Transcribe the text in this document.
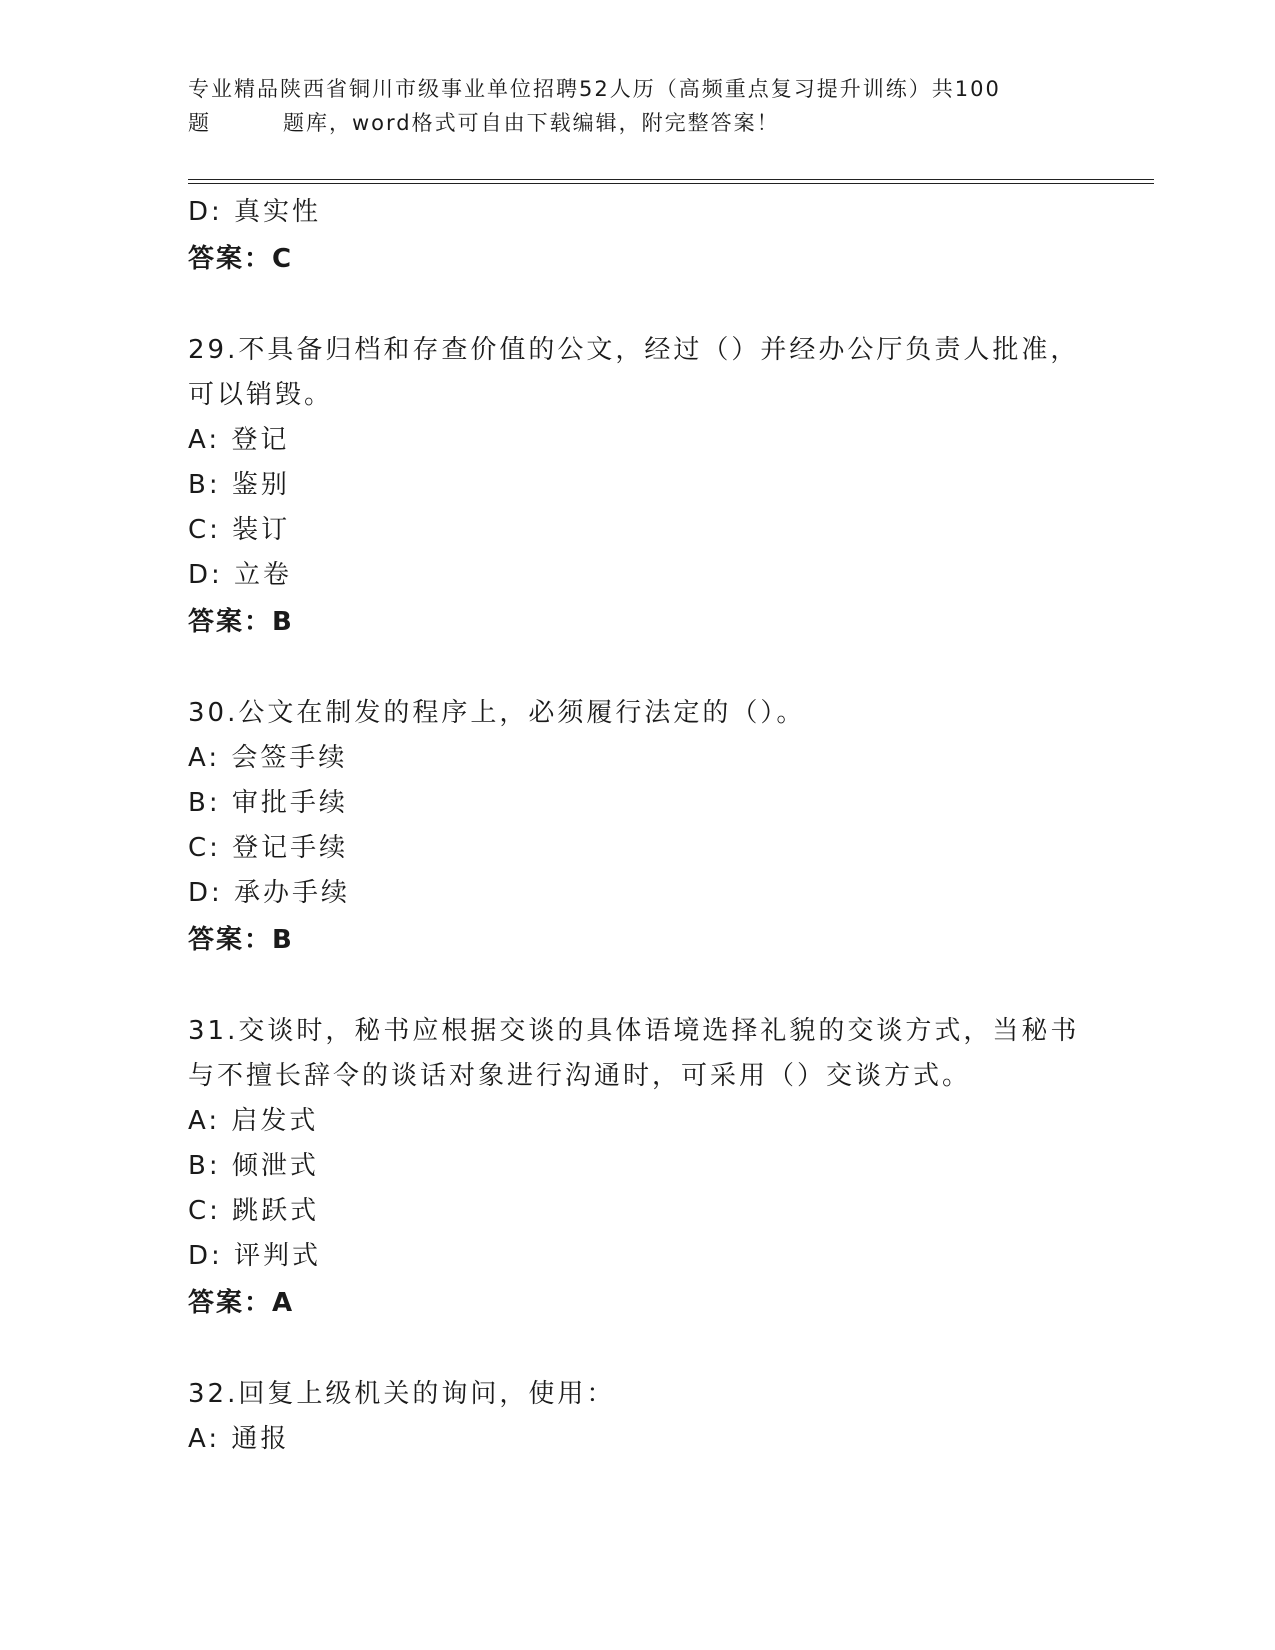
专业精品陕西省铜川市级事业单位招聘52人历（高频重点复习提升训练）共100
题	题库，word格式可自由下载编辑，附完整答案！
D: 真实性
答案：C
29.不具备归档和存查价值的公文，经过（）并经办公厅负责人批准，
可以销毁。
A: 登记
B: 鉴别
C: 装订
D: 立卷
答案：B
30.公文在制发的程序上，必须履行法定的（）。
A: 会签手续
B: 审批手续
C: 登记手续
D: 承办手续
答案：B
31.交谈时，秘书应根据交谈的具体语境选择礼貌的交谈方式，当秘书
与不擅长辞令的谈话对象进行沟通时，可采用（）交谈方式。
A: 启发式
B: 倾泄式
C: 跳跃式
D: 评判式
答案：A
32.回复上级机关的询问，使用：
A: 通报
